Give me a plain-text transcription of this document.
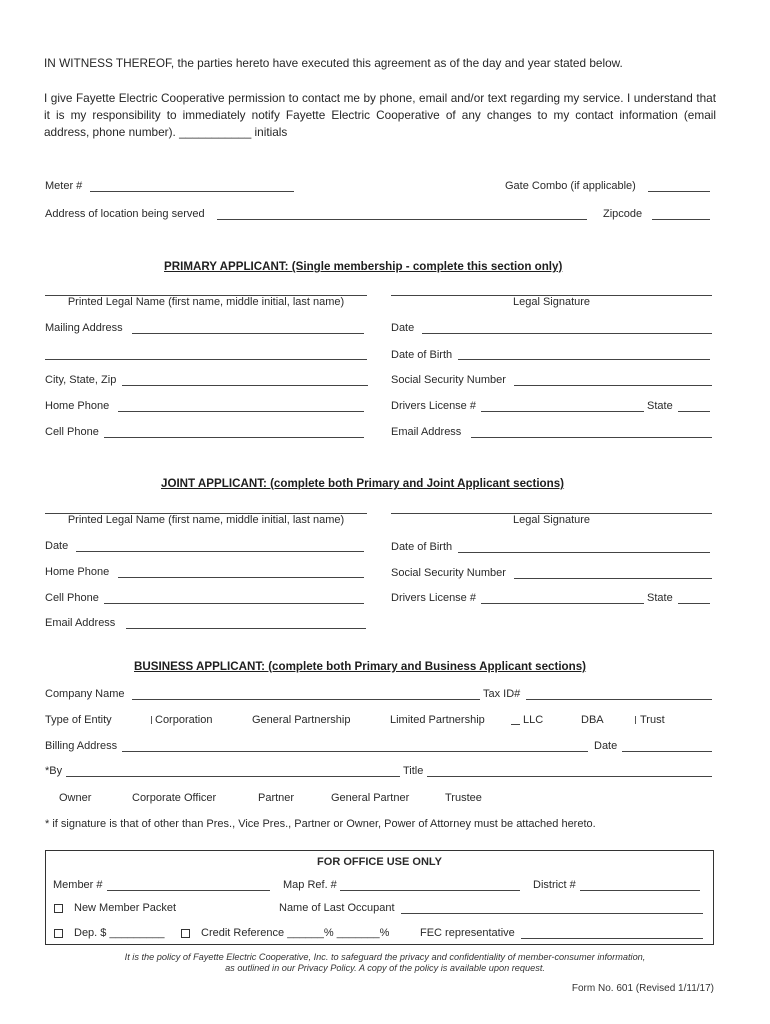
IN WITNESS THEREOF, the parties hereto have executed this agreement as of the day and year stated below.
I give Fayette Electric Cooperative permission to contact me by phone, email and/or text regarding my service. I understand that it is my responsibility to immediately notify Fayette Electric Cooperative of any changes to my contact information (email address, phone number). ___________ initials
Meter #	Gate Combo (if applicable)
Address of location being served	Zipcode
PRIMARY APPLICANT: (Single membership - complete this section only)
Printed Legal Name (first name, middle initial, last name)	Legal Signature
Mailing Address	Date
Date of Birth
City, State, Zip	Social Security Number
Home Phone	Drivers License #	State
Cell Phone	Email Address
JOINT APPLICANT: (complete both Primary and Joint Applicant sections)
Printed Legal Name (first name, middle initial, last name)	Legal Signature
Date	Date of Birth
Home Phone	Social Security Number
Cell Phone	Drivers License #	State
Email Address
BUSINESS APPLICANT: (complete both Primary and Business Applicant sections)
Company Name	Tax ID#
Type of Entity	Corporation	General Partnership	Limited Partnership	LLC	DBA	Trust
Billing Address	Date
*By	Title
Owner	Corporate Officer	Partner	General Partner	Trustee
* if signature is that of other than Pres., Vice Pres., Partner or Owner, Power of Attorney must be attached hereto.
FOR OFFICE USE ONLY
Member #	Map Ref. #	District #
New Member Packet	Name of Last Occupant
Dep. $ _________	Credit Reference ______% _______%	FEC representative
It is the policy of Fayette Electric Cooperative, Inc. to safeguard the privacy and confidentiality of member-consumer information,
as outlined in our Privacy Policy. A copy of the policy is available upon request.
Form No. 601 (Revised 1/11/17)
